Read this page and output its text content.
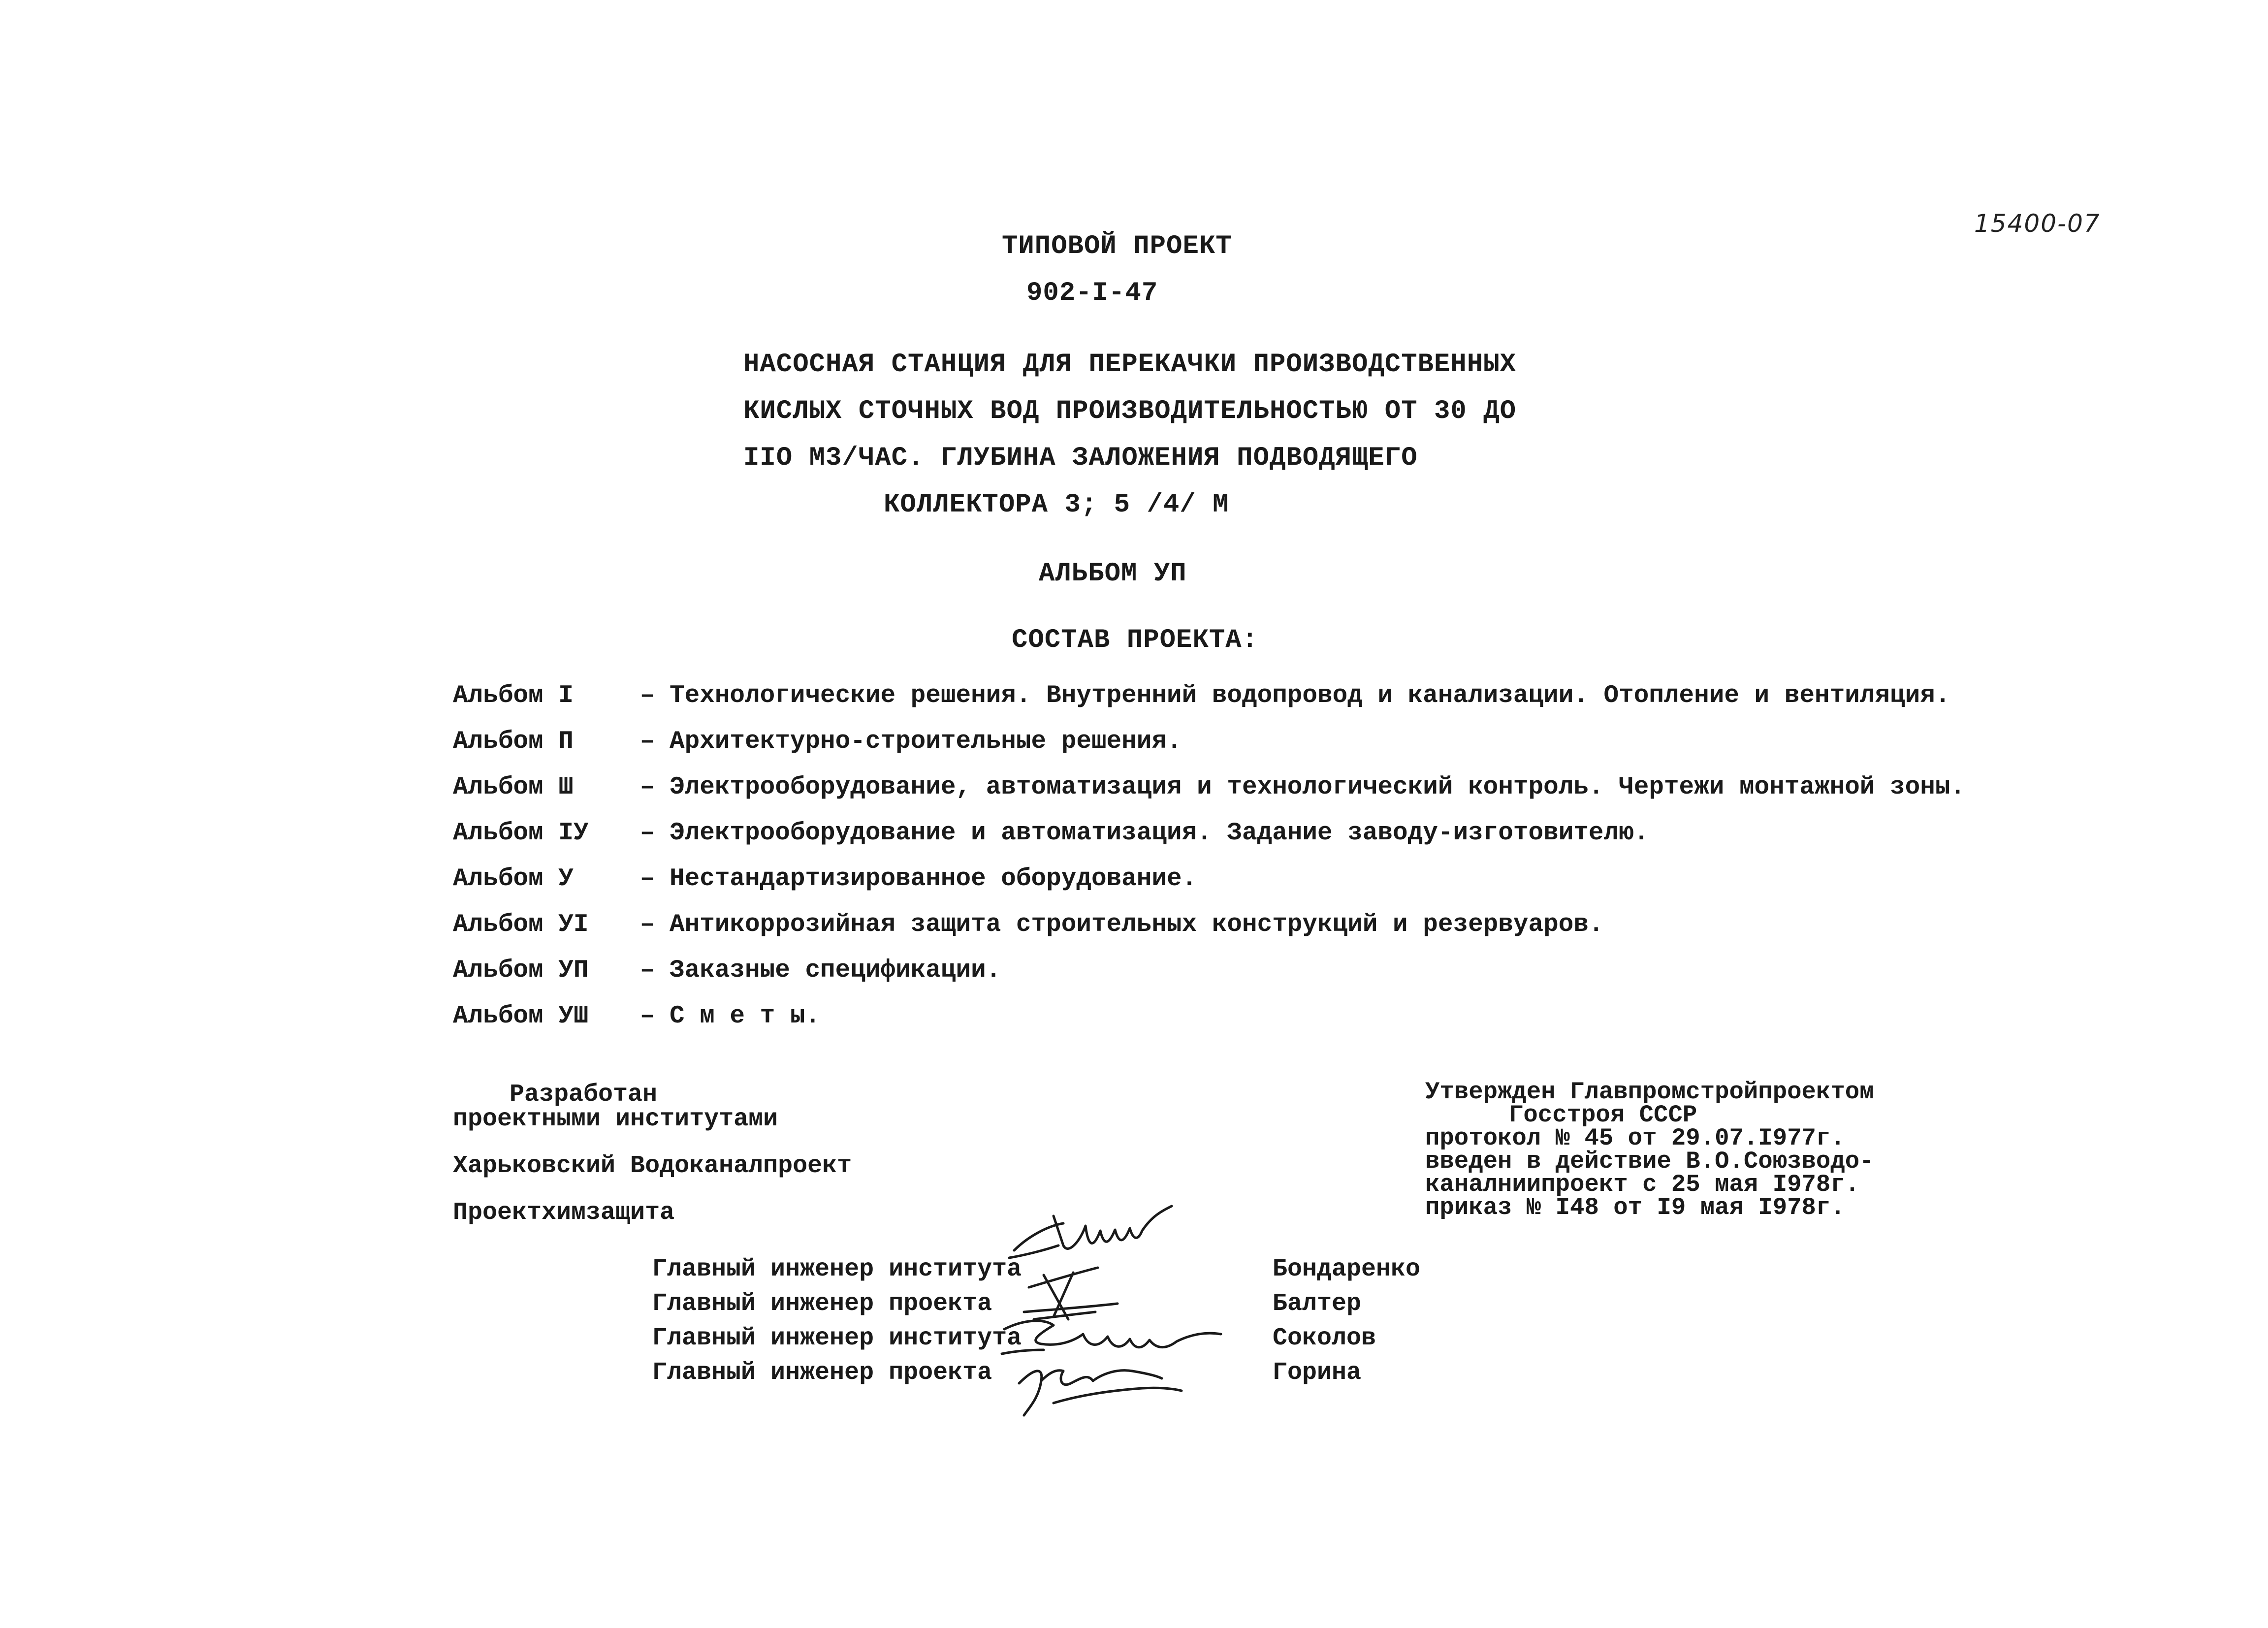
15400-07
ТИПОВОЙ ПРОЕКТ
902-I-47
НАСОСНАЯ СТАНЦИЯ ДЛЯ ПЕРЕКАЧКИ ПРОИЗВОДСТВЕННЫХ
КИСЛЫХ СТОЧНЫХ ВОД ПРОИЗВОДИТЕЛЬНОСТЬЮ ОТ 30 ДО
IIO М3/ЧАС. ГЛУБИНА ЗАЛОЖЕНИЯ ПОДВОДЯЩЕГО
КОЛЛЕКТОРА 3; 5 /4/ М
АЛЬБОМ УП
СОСТАВ ПРОЕКТА:
Альбом I	– Технологические решения. Внутренний водопровод и канализации. Отопление и вентиляция.
Альбом П	– Архитектурно-строительные решения.
Альбом Ш	– Электрооборудование, автоматизация и технологический контроль. Чертежи монтажной зоны.
Альбом IУ	– Электрооборудование и автоматизация. Задание заводу-изготовителю.
Альбом У	– Нестандартизированное оборудование.
Альбом УI	– Антикоррозийная защита строительных конструкций и резервуаров.
Альбом УП	– Заказные спецификации.
Альбом УШ	– С м е т ы.
Разработан
проектными институтами
Харьковский Водоканалпроект
Проектхимзащита
Утвержден Главпромстройпроектом
Госстроя СССР
протокол № 45 от 29.07.I977г.
введен в действие В.О.Союзводо-
каналниипроект с 25 мая I978г.
приказ № I48 от I9 мая I978г.
Главный инженер института	Бондаренко
Главный инженер проекта	Балтер
Главный инженер института	Соколов
Главный инженер проекта	Горина
